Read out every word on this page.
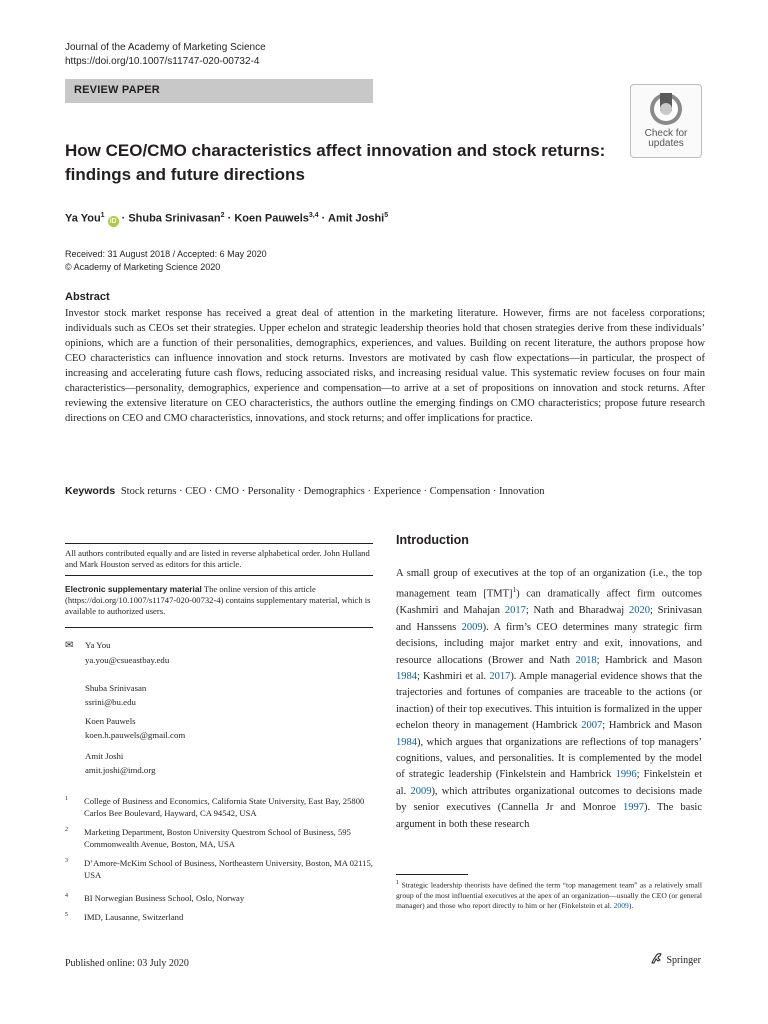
Journal of the Academy of Marketing Science
https://doi.org/10.1007/s11747-020-00732-4
REVIEW PAPER
Check for updates
How CEO/CMO characteristics affect innovation and stock returns:
findings and future directions
Ya You$^1$iD · Shuba Srinivasan$^2$ · Koen Pauwels$^{3,4}$ · Amit Joshi$^5$
Received: 31 August 2018 / Accepted: 6 May 2020
© Academy of Marketing Science 2020
Abstract
Investor stock market response has received a great deal of attention in the marketing literature. However, firms are not faceless corporations; individuals such as CEOs set their strategies. Upper echelon and strategic leadership theories hold that chosen strategies derive from these individuals’ opinions, which are a function of their personalities, demographics, experiences, and values. Building on recent literature, the authors propose how CEO characteristics can influence innovation and stock returns. Investors are motivated by cash flow expectations—in particular, the prospect of increasing and accelerating future cash flows, reducing associated risks, and increasing residual value. This systematic review focuses on four main characteristics—personality, demographics, experience and compensation—to arrive at a set of propositions on innovation and stock returns. After reviewing the extensive literature on CEO characteristics, the authors outline the emerging findings on CMO characteristics; propose future research directions on CEO and CMO characteristics, innovations, and stock returns; and offer implications for practice.
Keywords Stock returns · CEO · CMO · Personality · Demographics · Experience · Compensation · Innovation
All authors contributed equally and are listed in reverse alphabetical order. John Hulland and Mark Houston served as editors for this article.
Electronic supplementary material The online version of this article (https://doi.org/10.1007/s11747-020-00732-4) contains supplementary material, which is available to authorized users.
✉ Ya You
ya.you@csueastbay.edu
Shuba Srinivasan
ssrini@bu.edu
Koen Pauwels
koen.h.pauwels@gmail.com
Amit Joshi
amit.joshi@imd.org
1 College of Business and Economics, California State University, East Bay, 25800 Carlos Bee Boulevard, Hayward, CA 94542, USA
2 Marketing Department, Boston University Questrom School of Business, 595 Commonwealth Avenue, Boston, MA, USA
3 D’Amore-McKim School of Business, Northeastern University, Boston, MA 02115, USA
4 BI Norwegian Business School, Oslo, Norway
5 IMD, Lausanne, Switzerland
Published online: 03 July 2020
Introduction
A small group of executives at the top of an organization (i.e., the top management team [TMT]$^1$) can dramatically affect firm outcomes (Kashmiri and Mahajan 2017; Nath and Bharadwaj 2020; Srinivasan and Hanssens 2009). A firm’s CEO determines many strategic firm decisions, including major market entry and exit, innovations, and resource allocations (Brower and Nath 2018; Hambrick and Mason 1984; Kashmiri et al. 2017). Ample managerial evidence shows that the trajectories and fortunes of companies are traceable to the actions (or inaction) of their top executives. This intuition is formalized in the upper echelon theory in management (Hambrick 2007; Hambrick and Mason 1984), which argues that organizations are reflections of top managers’ cognitions, values, and personalities. It is complemented by the model of strategic leadership (Finkelstein and Hambrick 1996; Finkelstein et al. 2009), which attributes organizational outcomes to decisions made by senior executives (Cannella Jr and Monroe 1997). The basic argument in both these research
$^1$ Strategic leadership theorists have defined the term “top management team” as a relatively small group of the most influential executives at the apex of an organization—usually the CEO (or general manager) and those who report directly to him or her (Finkelstein et al. 2009).
Springer
